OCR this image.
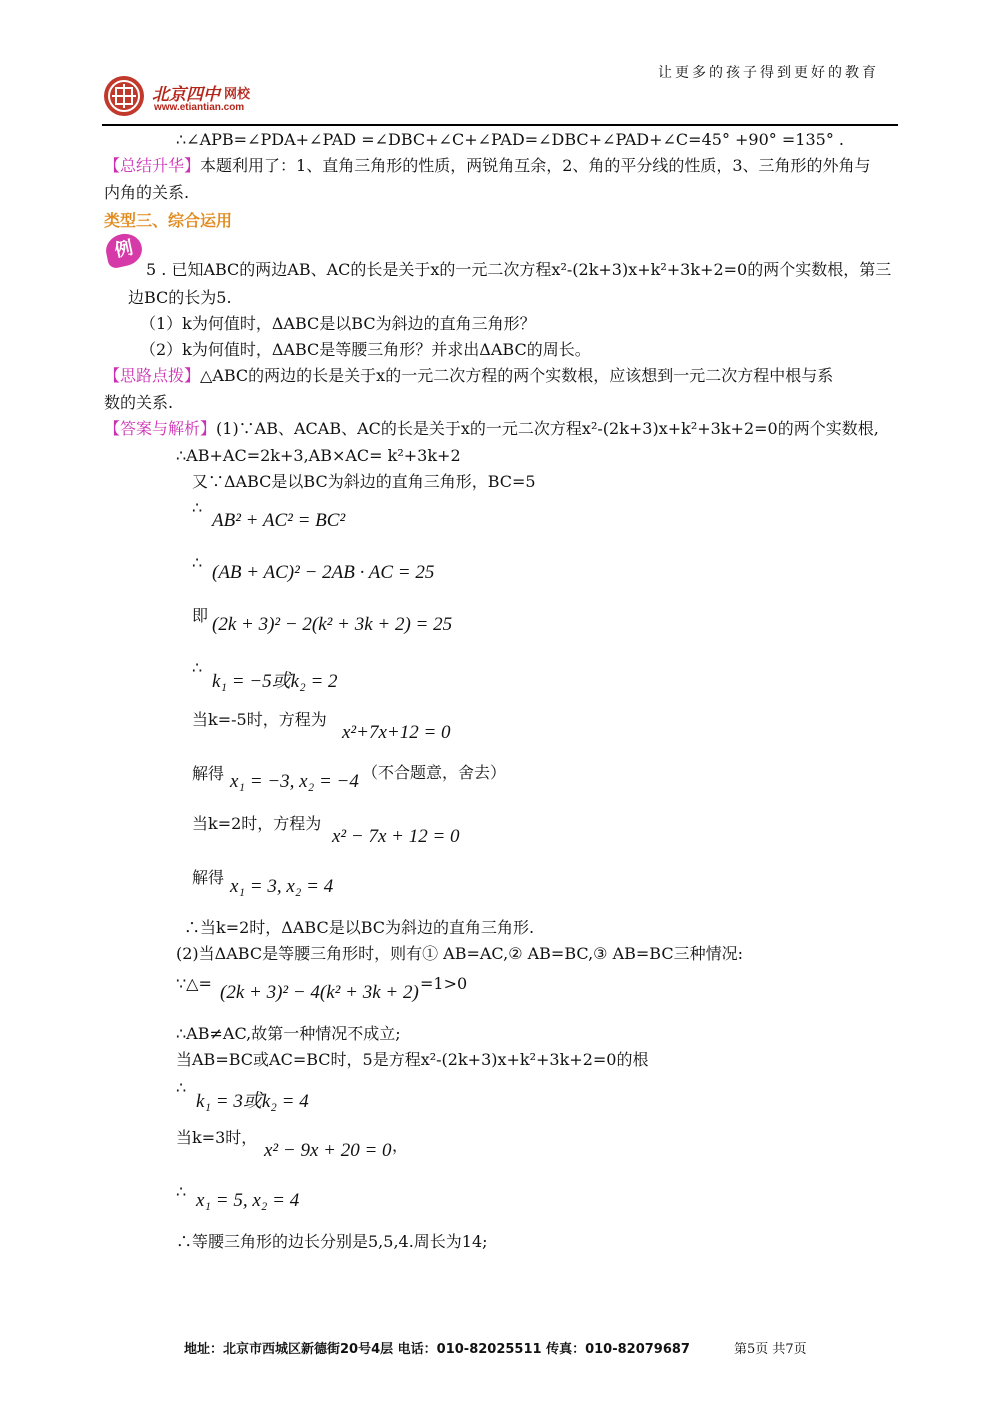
北京四中 网校
www.etiantian.com
让更多的孩子得到更好的教育
∴∠APB=∠PDA+∠PAD =∠DBC+∠C+∠PAD=∠DBC+∠PAD+∠C=45° +90° =135° .
【总结升华】本题利用了：1、直角三角形的性质，两锐角互余，2、角的平分线的性质，3、三角形的外角与
内角的关系.
类型三、综合运用
例
5 . 已知ABC的两边AB、AC的长是关于x的一元二次方程x²-(2k+3)x+k²+3k+2=0的两个实数根，第三
边BC的长为5.
（1）k为何值时，ΔABC是以BC为斜边的直角三角形？
（2）k为何值时，ΔABC是等腰三角形？并求出ΔABC的周长。
【思路点拨】△ABC的两边的长是关于x的一元二次方程的两个实数根，应该想到一元二次方程中根与系
数的关系.
【答案与解析】(1)∵AB、ACAB、AC的长是关于x的一元二次方程x²-(2k+3)x+k²+3k+2=0的两个实数根,
∴AB+AC=2k+3,AB×AC= k²+3k+2
又∵ΔABC是以BC为斜边的直角三角形，BC=5
∴
AB² + AC² = BC²
∴ (AB + AC)² − 2AB · AC = 25
即 (2k + 3)² − 2(k² + 3k + 2) = 25
∴
k₁ = −5或k₂ = 2
当k=-5时，方程为
x²+7x+12 = 0
解得 x₁ = −3, x₂ = −4 （不合题意，舍去）
当k=2时，方程为
x² − 7x + 12 = 0
解得 x₁ = 3, x₂ = 4
∴当k=2时，ΔABC是以BC为斜边的直角三角形.
(2)当ΔABC是等腰三角形时，则有① AB=AC,② AB=BC,③ AB=BC三种情况:
∵△= (2k + 3)² − 4(k² + 3k + 2) =1>0
∴AB≠AC,故第一种情况不成立;
当AB=BC或AC=BC时，5是方程x²-(2k+3)x+k²+3k+2=0的根
∴
k₁ = 3或k₂ = 4
当k=3时，
x² − 9x + 20 = 0 ，
∴ x₁ = 5, x₂ = 4
∴等腰三角形的边长分别是5,5,4.周长为14;
地址：北京市西城区新德街20号4层 电话：010-82025511 传真：010-82079687	第5页 共7页
